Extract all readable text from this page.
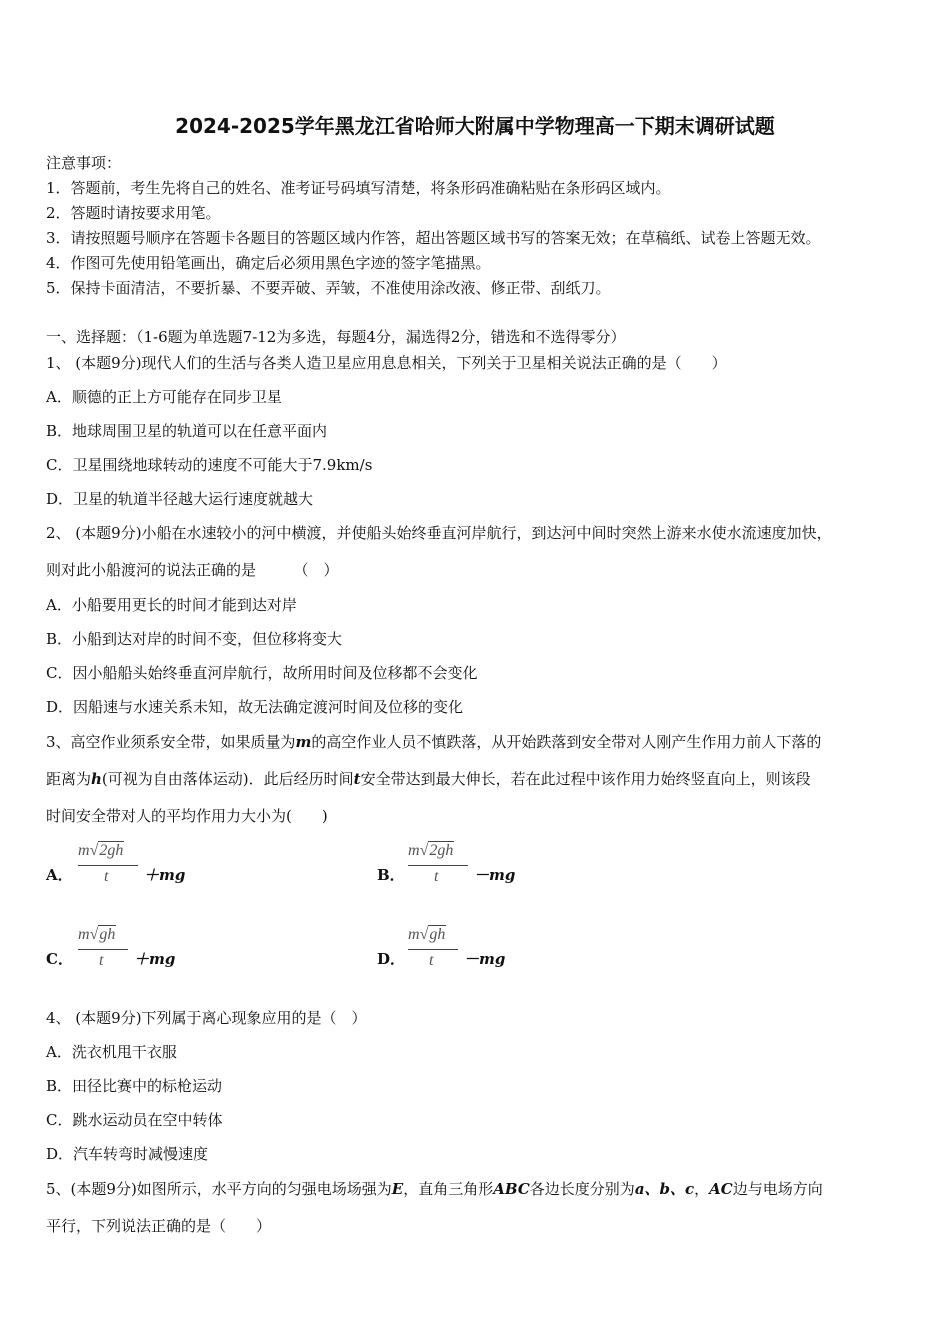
2024-2025学年黑龙江省哈师大附属中学物理高一下期末调研试题
注意事项：
1．答题前，考生先将自己的姓名、准考证号码填写清楚，将条形码准确粘贴在条形码区域内。
2．答题时请按要求用笔。
3．请按照题号顺序在答题卡各题目的答题区域内作答，超出答题区域书写的答案无效；在草稿纸、试卷上答题无效。
4．作图可先使用铅笔画出，确定后必须用黑色字迹的签字笔描黑。
5．保持卡面清洁，不要折暴、不要弄破、弄皱，不准使用涂改液、修正带、刮纸刀。
一、选择题：（1-6题为单选题7-12为多选，每题4分，漏选得2分，错选和不选得零分）
1、 (本题9分)现代人们的生活与各类人造卫星应用息息相关，下列关于卫星相关说法正确的是（　　）
A．顺德的正上方可能存在同步卫星
B．地球周围卫星的轨道可以在任意平面内
C．卫星围绕地球转动的速度不可能大于7.9km/s
D．卫星的轨道半径越大运行速度就越大
2、 (本题9分)小船在水速较小的河中横渡，并使船头始终垂直河岸航行，到达河中间时突然上游来水使水流速度加快，
则对此小船渡河的说法正确的是　　　（　）
A．小船要用更长的时间才能到达对岸
B．小船到达对岸的时间不变，但位移将变大
C．因小船船头始终垂直河岸航行，故所用时间及位移都不会变化
D．因船速与水速关系未知，故无法确定渡河时间及位移的变化
3、高空作业须系安全带，如果质量为m的高空作业人员不慎跌落，从开始跌落到安全带对人刚产生作用力前人下落的
距离为h(可视为自由落体运动)．此后经历时间t安全带达到最大伸长，若在此过程中该作用力始终竖直向上，则该段
时间安全带对人的平均作用力大小为(　　)
A．
m√2gh
t ＋mg	B．
m√2gh
t －mg
C．
m√gh
t ＋mg	D．
m√gh
t －mg
4、 (本题9分)下列属于离心现象应用的是（　）
A．洗衣机甩干衣服
B．田径比赛中的标枪运动
C．跳水运动员在空中转体
D．汽车转弯时减慢速度
5、(本题9分)如图所示，水平方向的匀强电场场强为E，直角三角形ABC各边长度分别为a、b、c，AC边与电场方向
平行，下列说法正确的是（　　）
